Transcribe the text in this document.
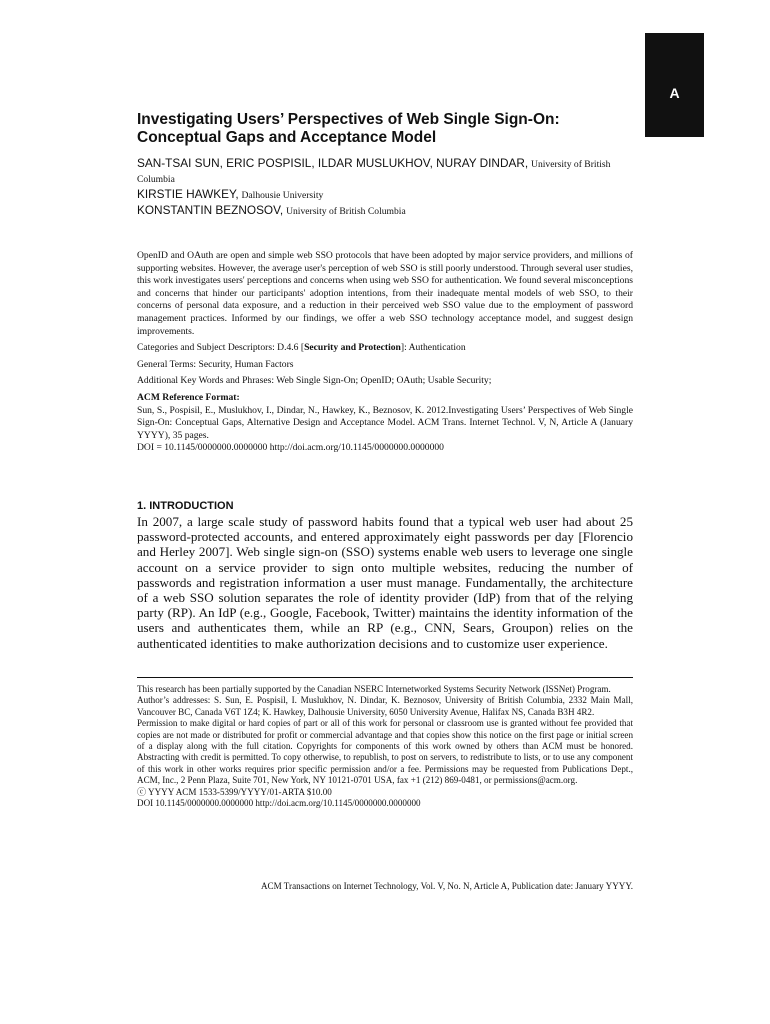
A
Investigating Users’ Perspectives of Web Single Sign-On:
Conceptual Gaps and Acceptance Model
SAN-TSAI SUN, ERIC POSPISIL, ILDAR MUSLUKHOV, NURAY DINDAR, University of British Columbia
KIRSTIE HAWKEY, Dalhousie University
KONSTANTIN BEZNOSOV, University of British Columbia

OpenID and OAuth are open and simple web SSO protocols that have been adopted by major service providers, and millions of supporting websites. However, the average user's perception of web SSO is still poorly understood. Through several user studies, this work investigates users' perceptions and concerns when using web SSO for authentication. We found several misconceptions and concerns that hinder our participants' adoption intentions, from their inadequate mental models of web SSO, to their concerns of personal data exposure, and a reduction in their perceived web SSO value due to the employment of password management practices. Informed by our findings, we offer a web SSO technology acceptance model, and suggest design improvements.

Categories and Subject Descriptors: D.4.6 [Security and Protection]: Authentication

General Terms: Security, Human Factors

Additional Key Words and Phrases: Web Single Sign-On; OpenID; OAuth; Usable Security;

ACM Reference Format:

Sun, S., Pospisil, E., Muslukhov, I., Dindar, N., Hawkey, K., Beznosov, K. 2012.Investigating Users’ Perspectives of Web Single Sign-On: Conceptual Gaps, Alternative Design and Acceptance Model. ACM Trans. Internet Technol. V, N, Article A (January YYYY), 35 pages.

DOI = 10.1145/0000000.0000000 http://doi.acm.org/10.1145/0000000.0000000

1. INTRODUCTION

In 2007, a large scale study of password habits found that a typical web user had about 25 password-protected accounts, and entered approximately eight passwords per day [Florencio and Herley 2007]. Web single sign-on (SSO) systems enable web users to leverage one single account on a service provider to sign onto multiple websites, reducing the number of passwords and registration information a user must manage. Fundamentally, the architecture of a web SSO solution separates the role of identity provider (IdP) from that of the relying party (RP). An IdP (e.g., Google, Facebook, Twitter) maintains the identity information of the users and authenticates them, while an RP (e.g., CNN, Sears, Groupon) relies on the authenticated identities to make authorization decisions and to customize user experience.

This research has been partially supported by the Canadian NSERC Internetworked Systems Security Network (ISSNet) Program.

Author’s addresses: S. Sun, E. Pospisil, I. Muslukhov, N. Dindar, K. Beznosov, University of British Columbia, 2332 Main Mall, Vancouver BC, Canada V6T 1Z4; K. Hawkey, Dalhousie University, 6050 University Avenue, Halifax NS, Canada B3H 4R2.

Permission to make digital or hard copies of part or all of this work for personal or classroom use is granted without fee provided that copies are not made or distributed for profit or commercial advantage and that copies show this notice on the first page or initial screen of a display along with the full citation. Copyrights for components of this work owned by others than ACM must be honored. Abstracting with credit is permitted. To copy otherwise, to republish, to post on servers, to redistribute to lists, or to use any component of this work in other works requires prior specific permission and/or a fee. Permissions may be requested from Publications Dept., ACM, Inc., 2 Penn Plaza, Suite 701, New York, NY 10121-0701 USA, fax +1 (212) 869-0481, or permissions@acm.org.

ⓒ YYYY ACM 1533-5399/YYYY/01-ARTA $10.00

DOI 10.1145/0000000.0000000 http://doi.acm.org/10.1145/0000000.0000000

ACM Transactions on Internet Technology, Vol. V, No. N, Article A, Publication date: January YYYY.
